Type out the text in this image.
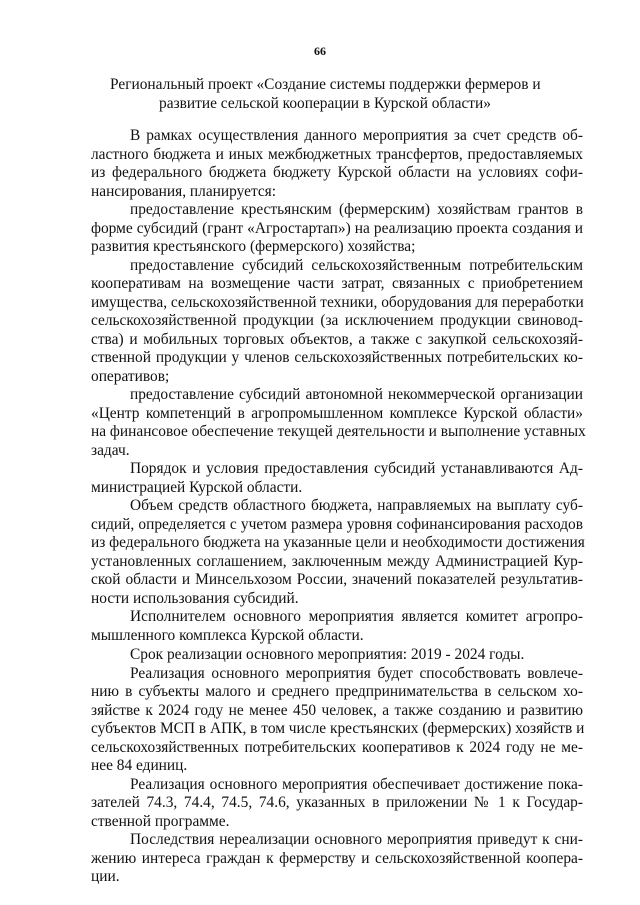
66
Региональный проект «Создание системы поддержки фермеров и
развитие сельской кооперации в Курской области»
В рамках осуществления данного мероприятия за счет средств об-
ластного бюджета и иных межбюджетных трансфертов, предоставляемых
из федерального бюджета бюджету Курской области на условиях софи-
нансирования, планируется:
предоставление крестьянским (фермерским) хозяйствам грантов в
форме субсидий (грант «Агростартап») на реализацию проекта создания и
развития крестьянского (фермерского) хозяйства;
предоставление субсидий сельскохозяйственным потребительским
кооперативам на возмещение части затрат, связанных с приобретением
имущества, сельскохозяйственной техники, оборудования для переработки
сельскохозяйственной продукции (за исключением продукции свиновод-
ства) и мобильных торговых объектов, а также с закупкой сельскохозяй-
ственной продукции у членов сельскохозяйственных потребительских ко-
оперативов;
предоставление субсидий автономной некоммерческой организации
«Центр компетенций в агропромышленном комплексе Курской области»
на финансовое обеспечение текущей деятельности и выполнение уставных
задач.
Порядок и условия предоставления субсидий устанавливаются Ад-
министрацией Курской области.
Объем средств областного бюджета, направляемых на выплату суб-
сидий, определяется с учетом размера уровня софинансирования расходов
из федерального бюджета на указанные цели и необходимости достижения
установленных соглашением, заключенным между Администрацией Кур-
ской области и Минсельхозом России, значений показателей результатив-
ности использования субсидий.
Исполнителем основного мероприятия является комитет агропро-
мышленного комплекса Курской области.
Срок реализации основного мероприятия: 2019 - 2024 годы.
Реализация основного мероприятия будет способствовать вовлече-
нию в субъекты малого и среднего предпринимательства в сельском хо-
зяйстве к 2024 году не менее 450 человек, а также созданию и развитию
субъектов МСП в АПК, в том числе крестьянских (фермерских) хозяйств и
сельскохозяйственных потребительских кооперативов к 2024 году не ме-
нее 84 единиц.
Реализация основного мероприятия обеспечивает достижение пока-
зателей 74.3, 74.4, 74.5, 74.6, указанных в приложении № 1 к Государ-
ственной программе.
Последствия нереализации основного мероприятия приведут к сни-
жению интереса граждан к фермерству и сельскохозяйственной коопера-
ции.
